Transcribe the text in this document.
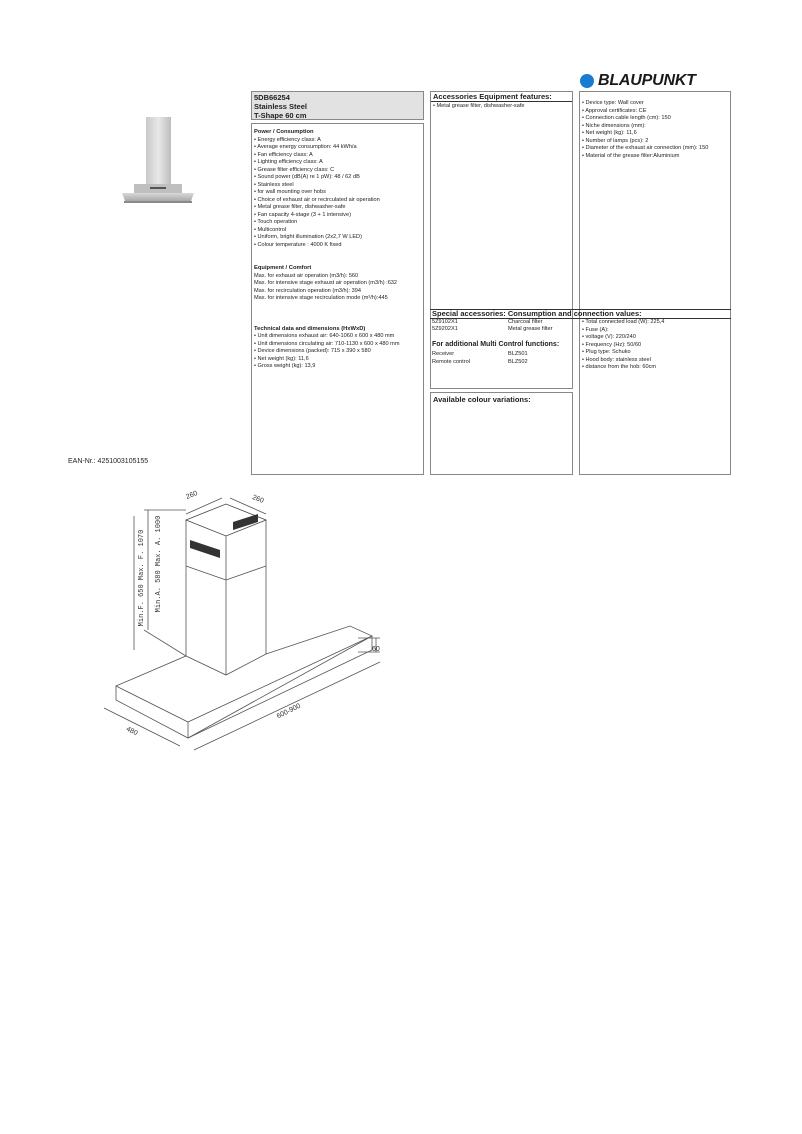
BLAUPUNKT
5DB66254
Stainless Steel
T-Shape 60 cm
Power / Consumption
• Energy efficiency class: A
• Average energy consumption: 44 kWh/a
• Fan efficiency class: A
• Lighting efficiency class: A
• Grease filter efficiency class: C
• Sound power (dB(A) re 1 pW): 48 / 62 dB
• Stainless steel
• for wall mounting over hobs
• Choice of exhaust air or recirculated air operation
• Metal grease filter, dishwasher-safe
• Fan capacity 4-stage (3 + 1 intensive)
• Touch operation
• Multicontrol
• Uniform, bright illumination (2x2,7 W LED)
• Colour temperature : 4000 K fixed
Equipment / Comfort
Max. for exhaust air operation (m3/h): 560
Max. for intensive stage exhaust air operation (m3/h) :632
Max. for recirculation operation (m3/h): 394
Max. for intensive stage recirculation mode (m³/h):445
Technical data and dimensions (HxWxD)
• Unit dimensions exhaust air: 640-1060 x 600 x 480 mm
• Unit dimensions circulating air: 710-1130 x 600 x 480 mm
• Device dimensions (packed): 715 x 390 x 580
• Net weight (kg): 11,6
• Gross weight (kg): 13,9
Accessories Equipment features:
• Metal grease filter, dishwasher-safe
Available colour variations:
• Device type: Wall cover
• Approval certificates: CE
• Connection cable length (cm): 150
• Niche dimensions (mm):
• Net weight (kg): 11,6
• Number of lamps (pcs): 2
• Diameter of the exhaust air connection (mm): 150
• Material of the grease filter:Aluminium
Special accessories: Consumption and connection values:
5Z9102X1	Charcoal filter
5Z9202X1	Metal grease filter
For additional Multi Control functions:
Receiver	BLZ501
Remote control	BLZ502
• Total connected load (W): 225,4
• Fuse (A):
• voltage (V): 220/240
• Frequency (Hz): 50/60
• Plug type: Schuko
• Hood body: stainless steel
• distance from the hob: 60cm
EAN-Nr.: 4251003105155
260	260
Min.A. 580 Max. A. 1000
Min.F. 650 Max. F. 1070
60
600-900
480
